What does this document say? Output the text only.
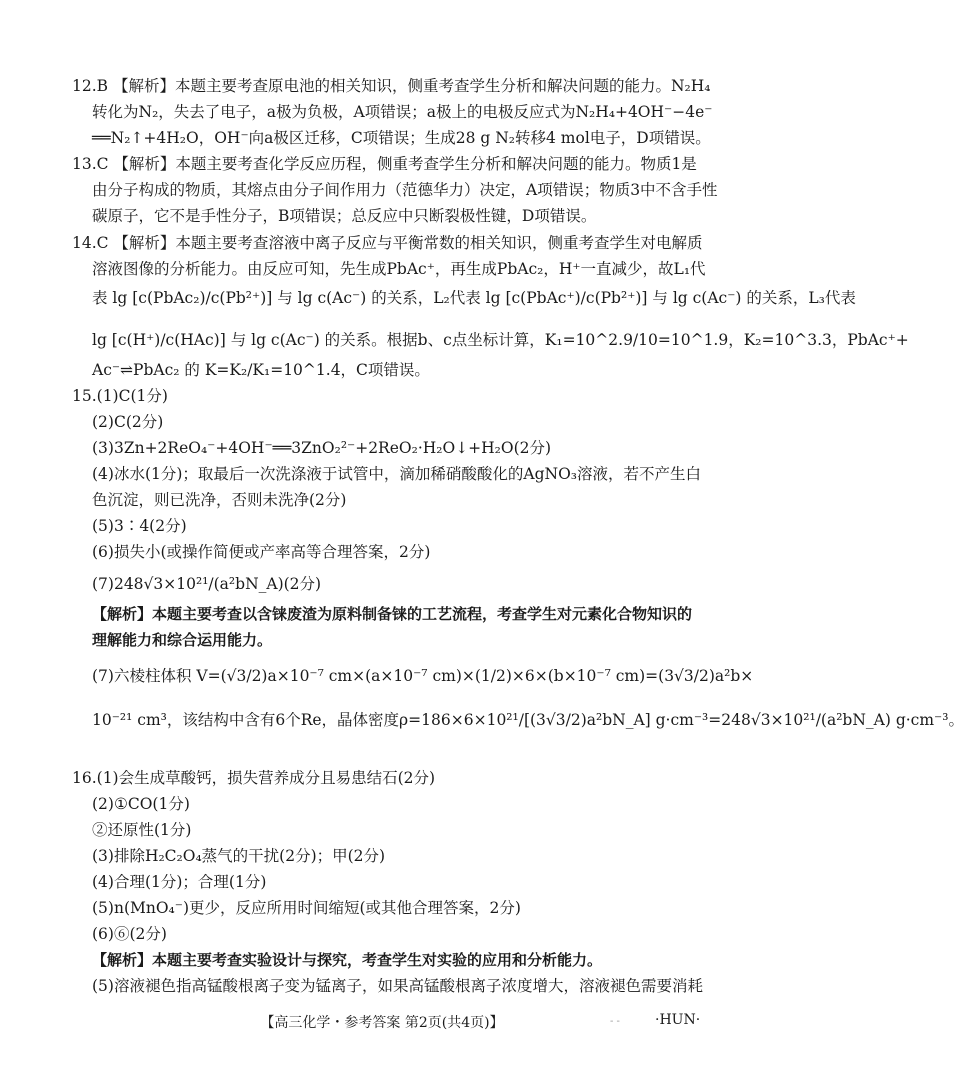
12.B 【解析】本题主要考查原电池的相关知识，侧重考查学生分析和解决问题的能力。N₂H₄
转化为N₂，失去了电子，a极为负极，A项错误；a极上的电极反应式为N₂H₄+4OH⁻−4e⁻
══N₂↑+4H₂O，OH⁻向a极区迁移，C项错误；生成28 g N₂转移4 mol电子，D项错误。
13.C 【解析】本题主要考查化学反应历程，侧重考查学生分析和解决问题的能力。物质1是
由分子构成的物质，其熔点由分子间作用力（范德华力）决定，A项错误；物质3中不含手性
碳原子，它不是手性分子，B项错误；总反应中只断裂极性键，D项错误。
14.C 【解析】本题主要考查溶液中离子反应与平衡常数的相关知识，侧重考查学生对电解质
溶液图像的分析能力。由反应可知，先生成PbAc⁺，再生成PbAc₂，H⁺一直减少，故L₁代
表 lg [c(PbAc₂)/c(Pb²⁺)] 与 lg c(Ac⁻) 的关系，L₂代表 lg [c(PbAc⁺)/c(Pb²⁺)] 与 lg c(Ac⁻) 的关系，L₃代表
lg [c(H⁺)/c(HAc)] 与 lg c(Ac⁻) 的关系。根据b、c点坐标计算，K₁=10^2.9/10=10^1.9，K₂=10^3.3，PbAc⁺+
Ac⁻⇌PbAc₂ 的 K=K₂/K₁=10^1.4，C项错误。
15.(1)C(1分)
(2)C(2分)
(3)3Zn+2ReO₄⁻+4OH⁻══3ZnO₂²⁻+2ReO₂·H₂O↓+H₂O(2分)
(4)冰水(1分)；取最后一次洗涤液于试管中，滴加稀硝酸酸化的AgNO₃溶液，若不产生白
色沉淀，则已洗净，否则未洗净(2分)
(5)3∶4(2分)
(6)损失小(或操作简便或产率高等合理答案，2分)
(7)248√3×10²¹/(a²bN_A)(2分)
【解析】本题主要考查以含铼废渣为原料制备铼的工艺流程，考查学生对元素化合物知识的
理解能力和综合运用能力。
(7)六棱柱体积 V=(√3/2)a×10⁻⁷ cm×(a×10⁻⁷ cm)×(1/2)×6×(b×10⁻⁷ cm)=(3√3/2)a²b×
10⁻²¹ cm³，该结构中含有6个Re，晶体密度ρ=186×6×10²¹/[(3√3/2)a²bN_A] g·cm⁻³=248√3×10²¹/(a²bN_A) g·cm⁻³。
16.(1)会生成草酸钙，损失营养成分且易患结石(2分)
(2)①CO(1分)
②还原性(1分)
(3)排除H₂C₂O₄蒸气的干扰(2分)；甲(2分)
(4)合理(1分)；合理(1分)
(5)n(MnO₄⁻)更少，反应所用时间缩短(或其他合理答案，2分)
(6)⑥(2分)
【解析】本题主要考查实验设计与探究，考查学生对实验的应用和分析能力。
(5)溶液褪色指高锰酸根离子变为锰离子，如果高锰酸根离子浓度增大，溶液褪色需要消耗
【高三化学・参考答案 第2页(共4页)】	- -	·HUN·
